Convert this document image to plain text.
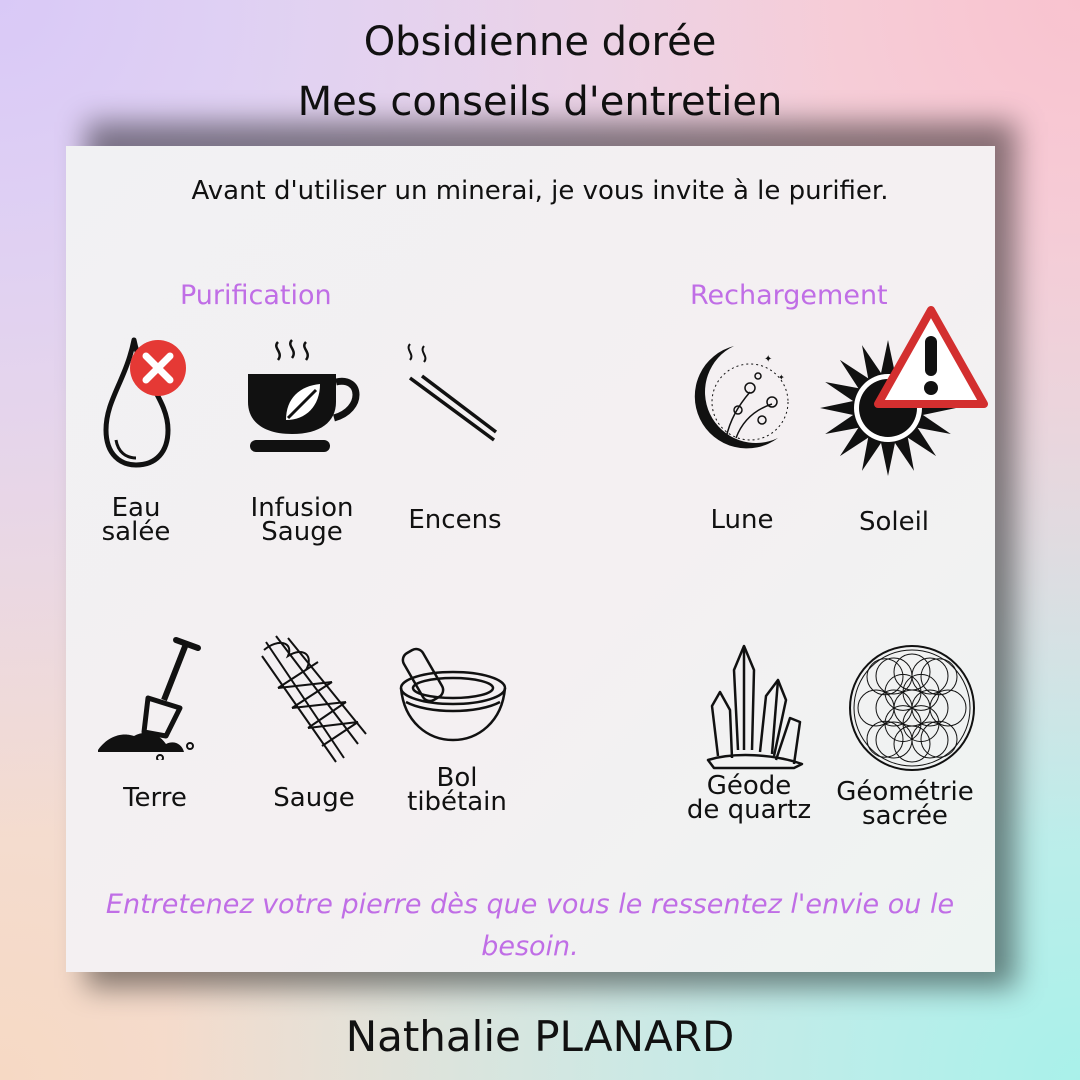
Obsidienne dorée
Mes conseils d'entretien
Avant d'utiliser un minerai, je vous invite à le purifier.
Purification	Rechargement
✦
✦
Eau
salée
Infusion
Sauge	Encens	Lune	Soleil
Terre	Sauge
Bol
tibétain
Géode
de quartz
Géométrie
sacrée
Entretenez votre pierre dès que vous le ressentez l'envie ou le besoin.
Nathalie PLANARD
